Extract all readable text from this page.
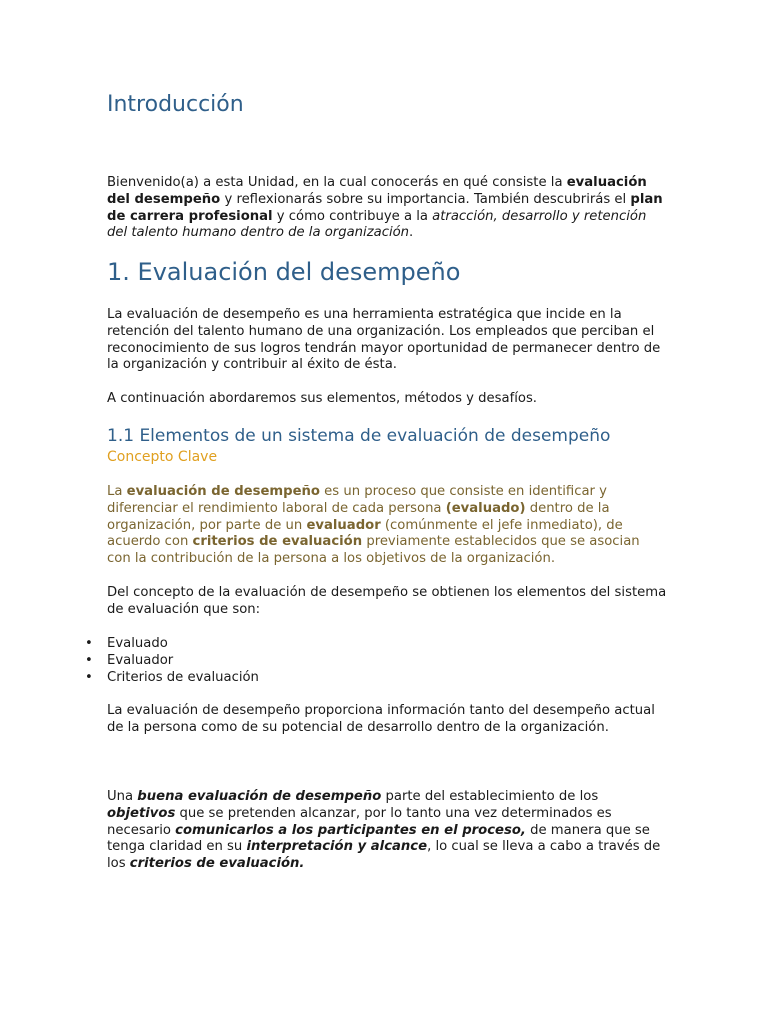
Introducción

Bienvenido(a) a esta Unidad, en la cual conocerás en qué consiste la evaluación del desempeño y reflexionarás sobre su importancia. También descubrirás el plan de carrera profesional y cómo contribuye a la atracción, desarrollo y retención del talento humano dentro de la organización.

1. Evaluación del desempeño

La evaluación de desempeño es una herramienta estratégica que incide en la retención del talento humano de una organización. Los empleados que perciban el reconocimiento de sus logros tendrán mayor oportunidad de permanecer dentro de la organización y contribuir al éxito de ésta.

A continuación abordaremos sus elementos, métodos y desafíos.

1.1 Elementos de un sistema de evaluación de desempeño
Concepto Clave

La evaluación de desempeño es un proceso que consiste en identificar y diferenciar el rendimiento laboral de cada persona (evaluado) dentro de la organización, por parte de un evaluador (comúnmente el jefe inmediato), de acuerdo con criterios de evaluación previamente establecidos que se asocian con la contribución de la persona a los objetivos de la organización.

Del concepto de la evaluación de desempeño se obtienen los elementos del sistema de evaluación que son:

• Evaluado
• Evaluador
• Criterios de evaluación

La evaluación de desempeño proporciona información tanto del desempeño actual de la persona como de su potencial de desarrollo dentro de la organización.

Una buena evaluación de desempeño parte del establecimiento de los objetivos que se pretenden alcanzar, por lo tanto una vez determinados es necesario comunicarlos a los participantes en el proceso, de manera que se tenga claridad en su interpretación y alcance, lo cual se lleva a cabo a través de los criterios de evaluación.
